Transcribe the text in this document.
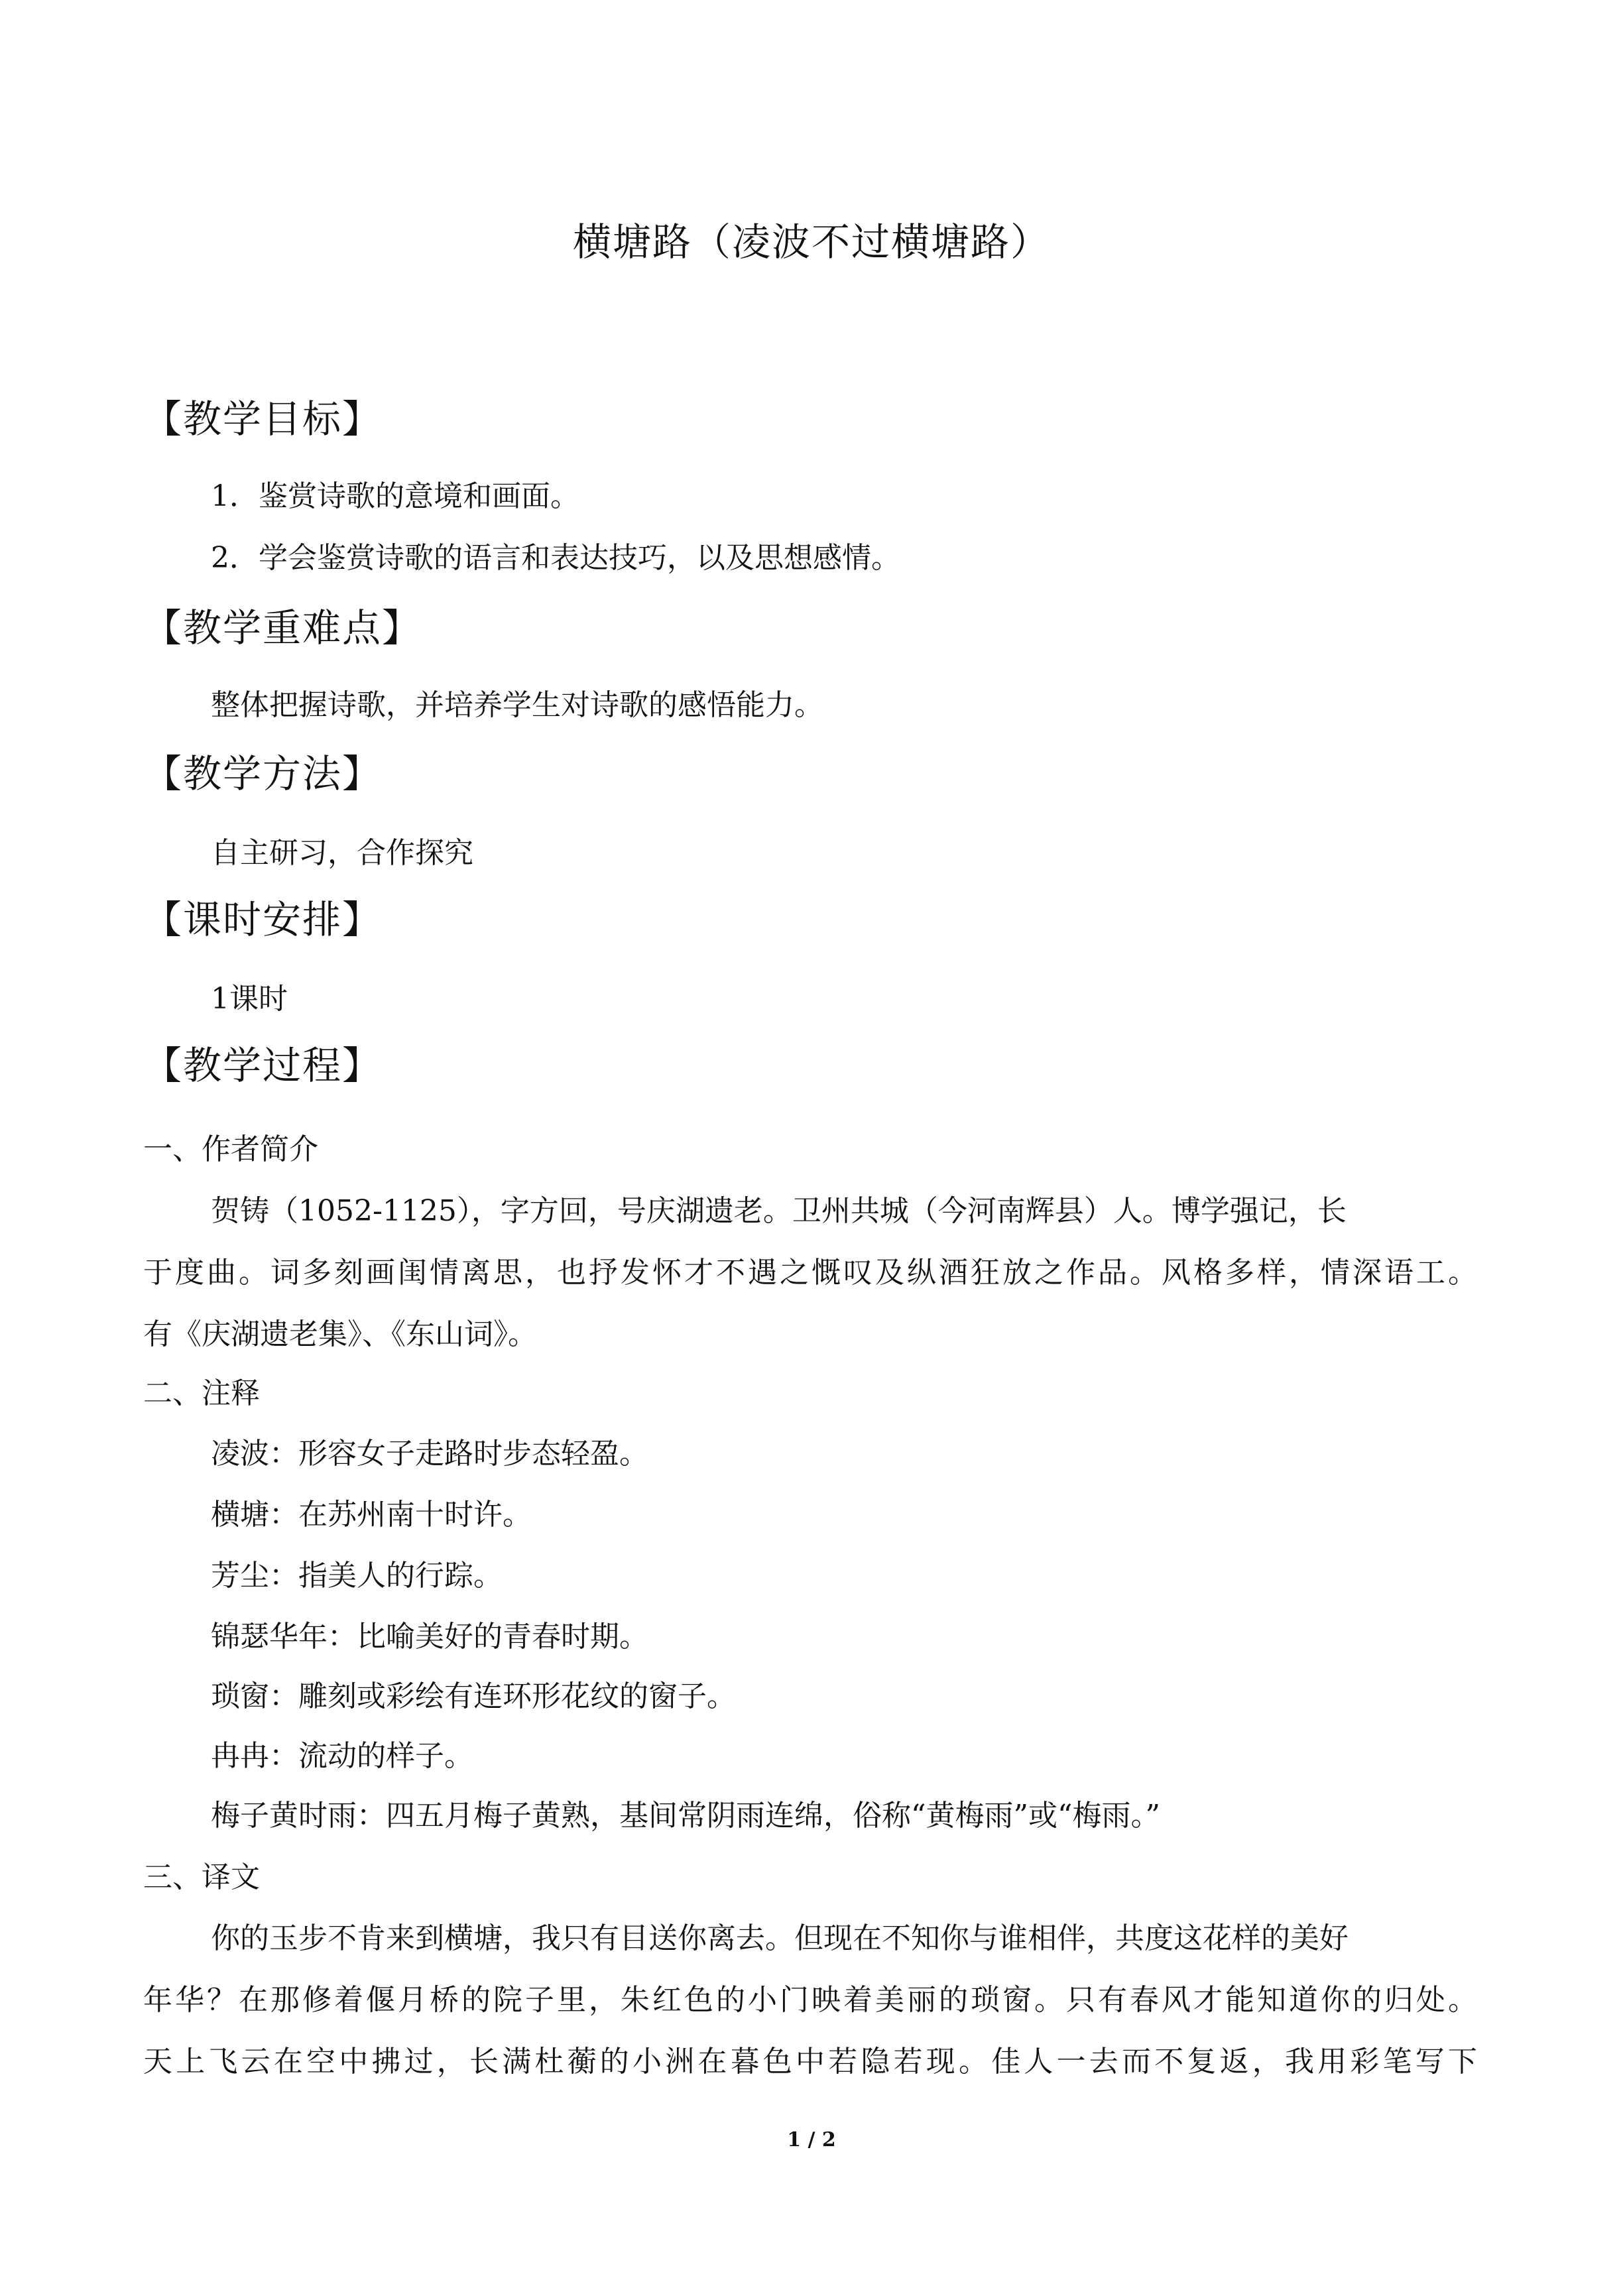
横塘路（凌波不过横塘路）
【教学目标】
1．鉴赏诗歌的意境和画面。
2．学会鉴赏诗歌的语言和表达技巧，以及思想感情。
【教学重难点】
整体把握诗歌，并培养学生对诗歌的感悟能力。
【教学方法】
自主研习，合作探究
【课时安排】
1课时
【教学过程】
一、作者简介
贺铸（1052-1125），字方回，号庆湖遗老。卫州共城（今河南辉县）人。博学强记，长
于度曲。词多刻画闺情离思，也抒发怀才不遇之慨叹及纵酒狂放之作品。风格多样，情深语工。
有《庆湖遗老集》、《东山词》。
二、注释
凌波：形容女子走路时步态轻盈。
横塘：在苏州南十时许。
芳尘：指美人的行踪。
锦瑟华年：比喻美好的青春时期。
琐窗：雕刻或彩绘有连环形花纹的窗子。
冉冉：流动的样子。
梅子黄时雨：四五月梅子黄熟，基间常阴雨连绵，俗称“黄梅雨”或“梅雨。”
三、译文
你的玉步不肯来到横塘，我只有目送你离去。但现在不知你与谁相伴，共度这花样的美好
年华？在那修着偃月桥的院子里，朱红色的小门映着美丽的琐窗。只有春风才能知道你的归处。
天上飞云在空中拂过，长满杜蘅的小洲在暮色中若隐若现。佳人一去而不复返，我用彩笔写下
1 / 2
